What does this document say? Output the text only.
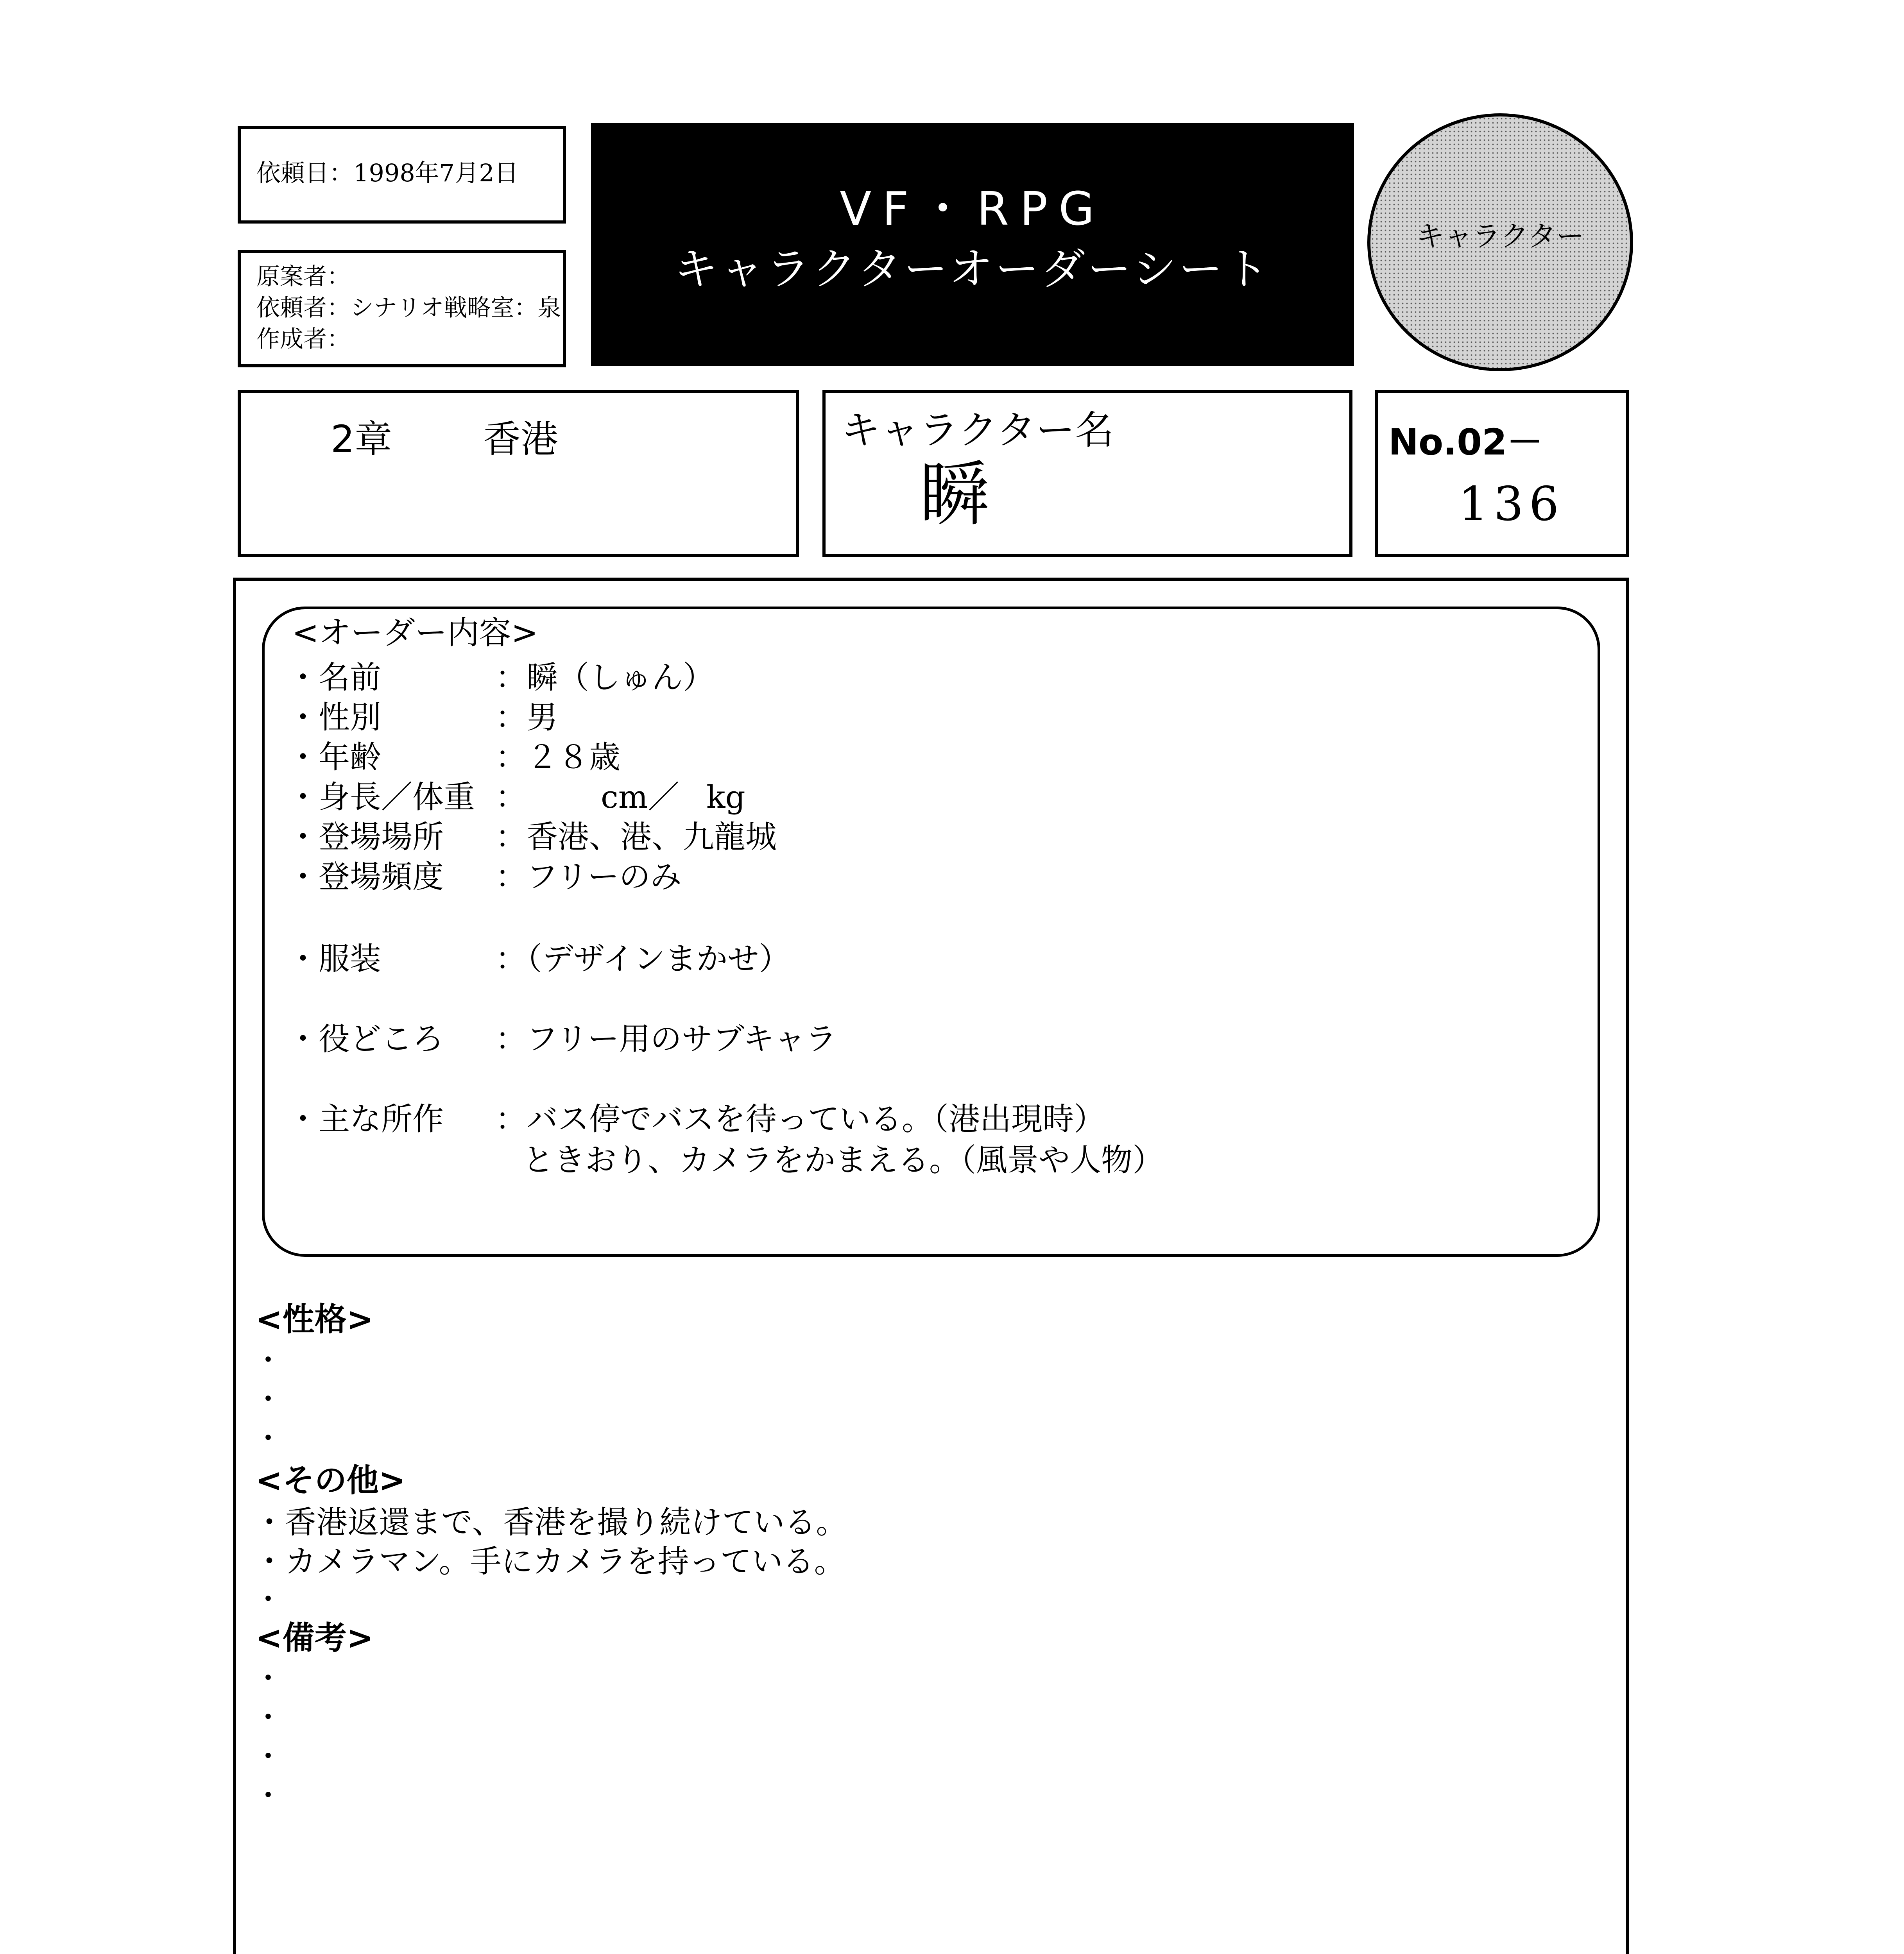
依頼日：1998年7月2日
原案者：
依頼者：シナリオ戦略室：泉
作成者：
VF・RPG
キャラクターオーダーシート
キャラクター
2章 香港	キャラクター名
瞬
No.02－
136
<オーダー内容>
・名前	：瞬（しゅん）
・性別	：男
・年齢	：２８歳
・身長／体重 ： cm／ kg
・登場場所 ：香港、港、九龍城
・登場頻度 ：フリーのみ
・服装	：（デザインまかせ）
・役どころ ：フリー用のサブキャラ
・主な所作 ：バス停でバスを待っている。（港出現時）
ときおり、カメラをかまえる。（風景や人物）
<性格>
・
・
・
<その他>
・香港返還まで、香港を撮り続けている。
・カメラマン。手にカメラを持っている。
・
<備考>
・
・
・
・
